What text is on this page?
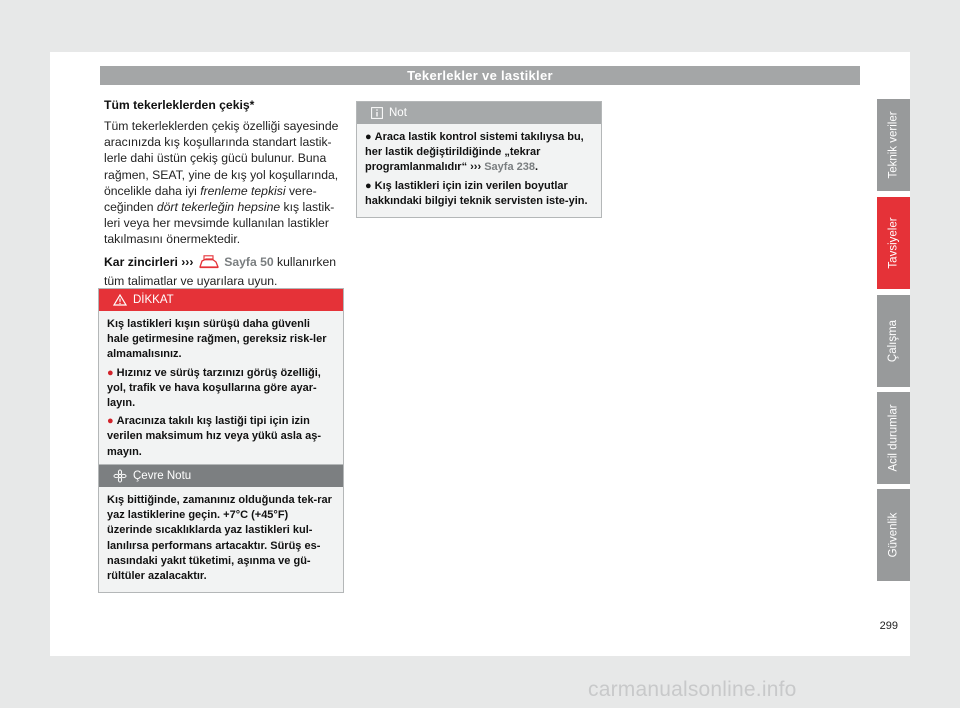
Tekerlekler ve lastikler

Tüm tekerleklerden çekiş*

Tüm tekerleklerden çekiş özelliği sayesinde aracınızda kış koşullarında standart lastik-lerle dahi üstün çekiş gücü bulunur. Buna rağmen, SEAT, yine de kış yol koşullarında, öncelikle daha iyi frenleme tepkisi vere-ceğinden dört tekerleğin hepsine kış lastik-leri veya her mevsimde kullanılan lastikler takılmasını önermektedir.

Kar zincirleri ›››	Sayfa 50 kullanırken tüm talimatlar ve uyarılara uyun.

DİKKAT

Kış lastikleri kışın sürüşü daha güvenli hale getirmesine rağmen, gereksiz risk-ler almamalısınız.

● Hızınız ve sürüş tarzınızı görüş özelliği, yol, trafik ve hava koşullarına göre ayar-layın.

● Aracınıza takılı kış lastiği tipi için izin verilen maksimum hız veya yükü asla aş-mayın.

Çevre Notu

Kış bittiğinde, zamanınız olduğunda tek-rar yaz lastiklerine geçin. +7°C (+45°F) üzerinde sıcaklıklarda yaz lastikleri kul-lanılırsa performans artacaktır. Sürüş es-nasındaki yakıt tüketimi, aşınma ve gü-rültüler azalacaktır.

Not

● Araca lastik kontrol sistemi takılıysa bu, her lastik değiştirildiğinde „tekrar programlanmalıdır“ ››› Sayfa 238.

● Kış lastikleri için izin verilen boyutlar hakkındaki bilgiyi teknik servisten iste-yin.

Teknik veriler
Tavsiyeler
Çalışma
Acil durumlar
Güvenlik
299
carmanualsonline.info
